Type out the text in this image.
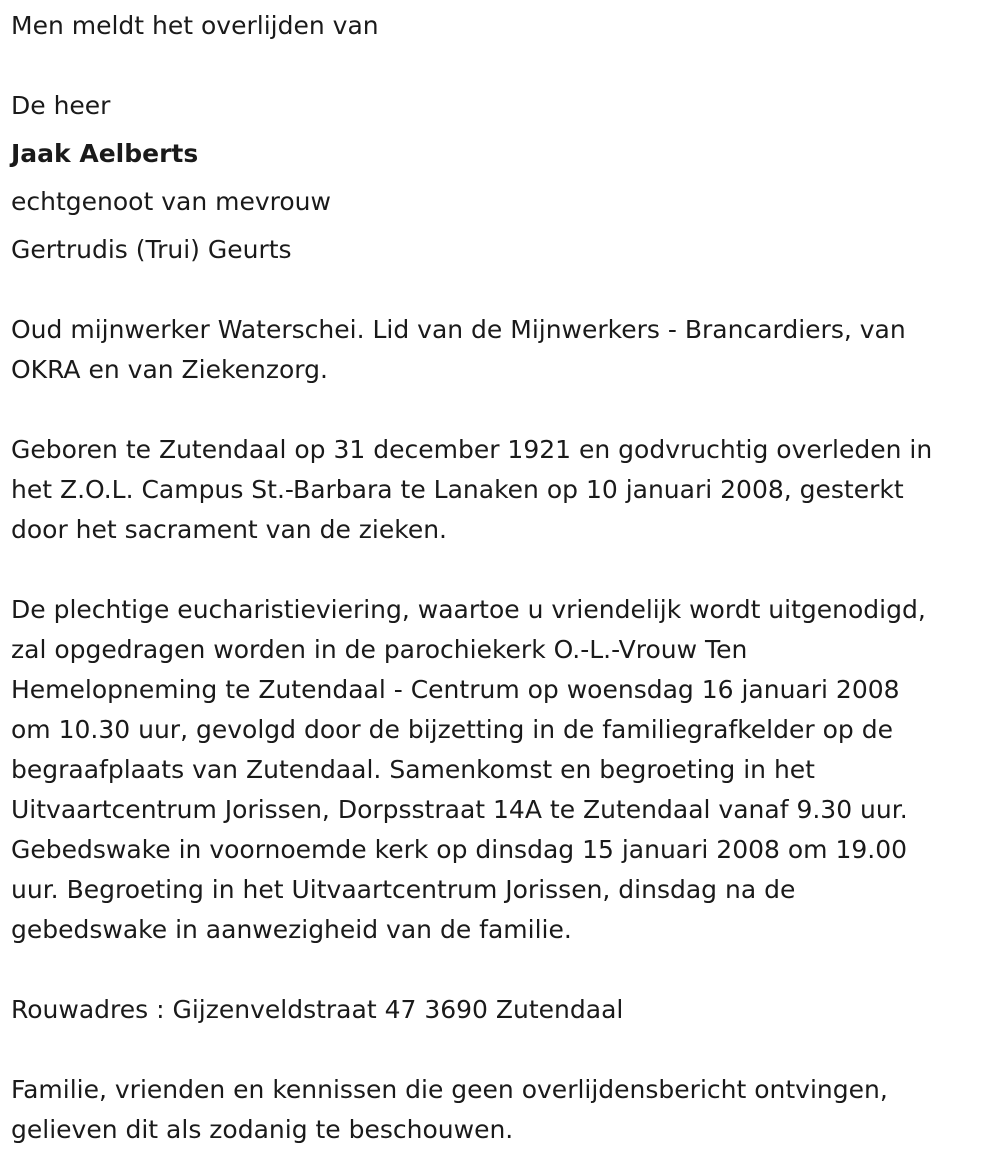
Men meldt het overlijden van
De heer
Jaak Aelberts
echtgenoot van mevrouw
Gertrudis (Trui) Geurts
Oud mijnwerker Waterschei. Lid van de Mijnwerkers - Brancardiers, van
OKRA en van Ziekenzorg.
Geboren te Zutendaal op 31 december 1921 en godvruchtig overleden in
het Z.O.L. Campus St.-Barbara te Lanaken op 10 januari 2008, gesterkt
door het sacrament van de zieken.
De plechtige eucharistieviering, waartoe u vriendelijk wordt uitgenodigd,
zal opgedragen worden in de parochiekerk O.-L.-Vrouw Ten
Hemelopneming te Zutendaal - Centrum op woensdag 16 januari 2008
om 10.30 uur, gevolgd door de bijzetting in de familiegrafkelder op de
begraafplaats van Zutendaal. Samenkomst en begroeting in het
Uitvaartcentrum Jorissen, Dorpsstraat 14A te Zutendaal vanaf 9.30 uur.
Gebedswake in voornoemde kerk op dinsdag 15 januari 2008 om 19.00
uur. Begroeting in het Uitvaartcentrum Jorissen, dinsdag na de
gebedswake in aanwezigheid van de familie.
Rouwadres : Gijzenveldstraat 47 3690 Zutendaal
Familie, vrienden en kennissen die geen overlijdensbericht ontvingen,
gelieven dit als zodanig te beschouwen.
